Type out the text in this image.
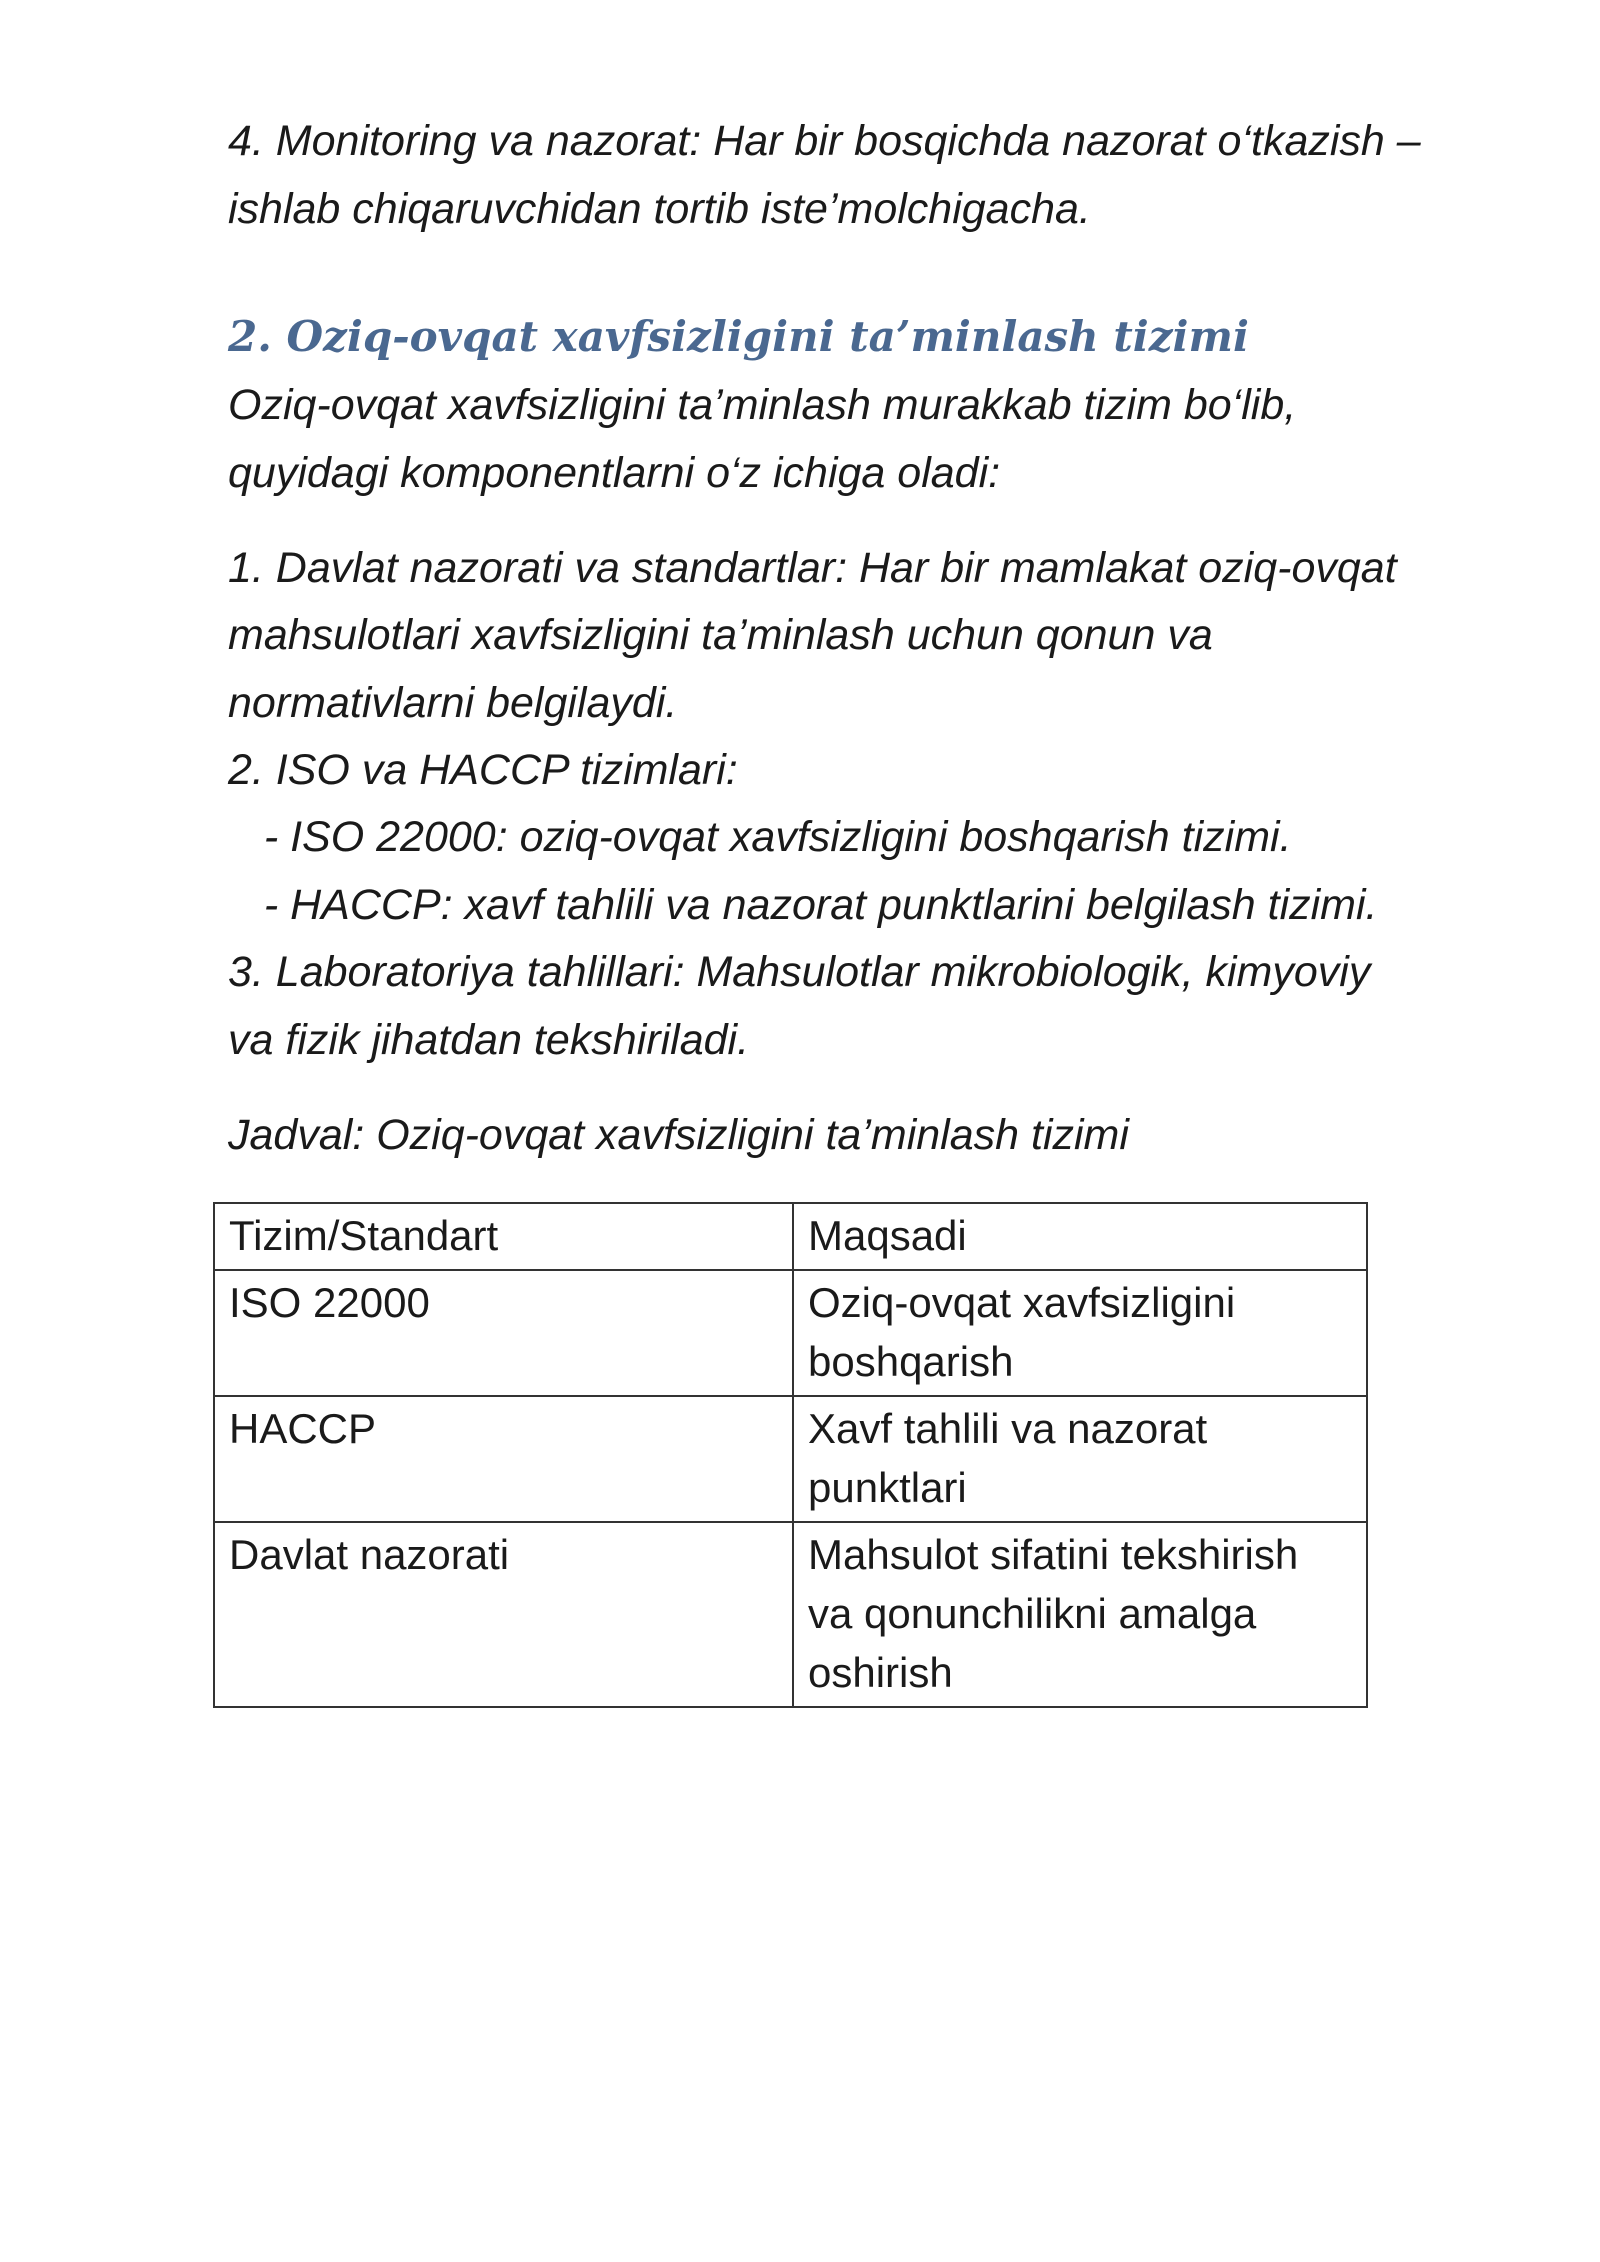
4. Monitoring va nazorat: Har bir bosqichda nazorat o‘tkazish –
ishlab chiqaruvchidan tortib iste’molchigacha.
2. Oziq-ovqat xavfsizligini ta’minlash tizimi
Oziq-ovqat xavfsizligini ta’minlash murakkab tizim bo‘lib,
quyidagi komponentlarni o‘z ichiga oladi:
1. Davlat nazorati va standartlar: Har bir mamlakat oziq-ovqat
mahsulotlari xavfsizligini ta’minlash uchun qonun va
normativlarni belgilaydi.
2. ISO va HACCP tizimlari:
- ISO 22000: oziq-ovqat xavfsizligini boshqarish tizimi.
- HACCP: xavf tahlili va nazorat punktlarini belgilash tizimi.
3. Laboratoriya tahlillari: Mahsulotlar mikrobiologik, kimyoviy
va fizik jihatdan tekshiriladi.
Jadval: Oziq-ovqat xavfsizligini ta’minlash tizimi
Tizim/Standart	Maqsadi
ISO 22000	Oziq-ovqat xavfsizligini boshqarish
HACCP	Xavf tahlili va nazorat punktlari
Davlat nazorati	Mahsulot sifatini tekshirish va qonunchilikni amalga oshirish
